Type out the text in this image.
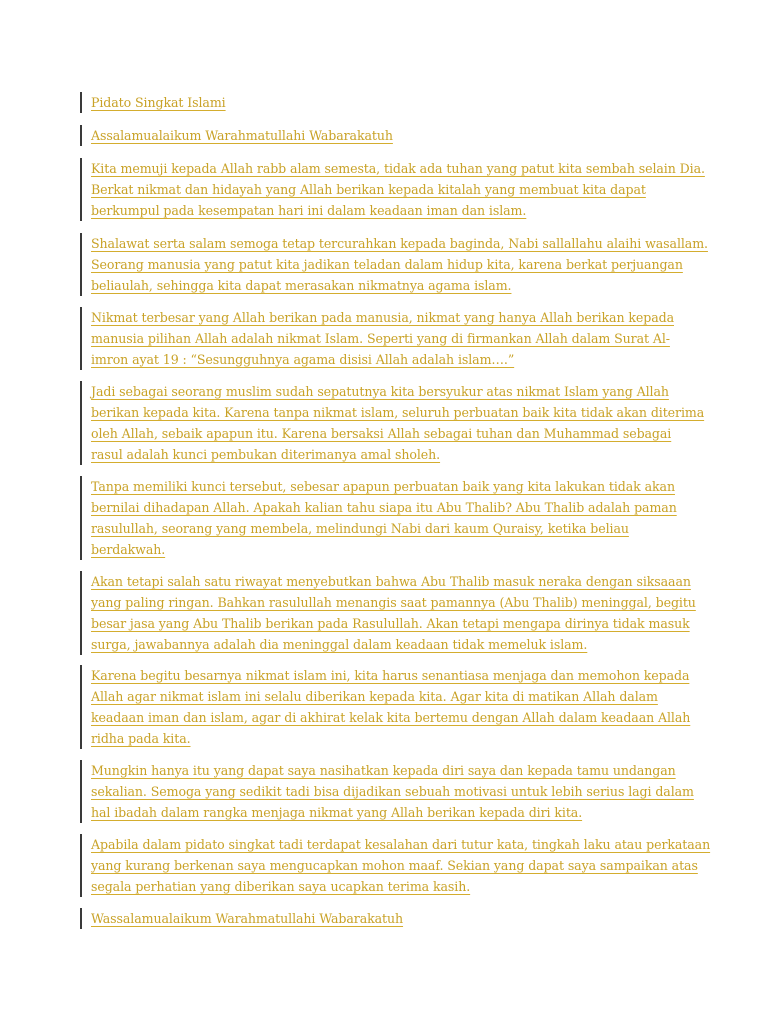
Pidato Singkat Islami
Assalamualaikum Warahmatullahi Wabarakatuh
Kita memuji kepada Allah rabb alam semesta, tidak ada tuhan yang patut kita sembah selain Dia.
Berkat nikmat dan hidayah yang Allah berikan kepada kitalah yang membuat kita dapat
berkumpul pada kesempatan hari ini dalam keadaan iman dan islam.
Shalawat serta salam semoga tetap tercurahkan kepada baginda, Nabi sallallahu alaihi wasallam.
Seorang manusia yang patut kita jadikan teladan dalam hidup kita, karena berkat perjuangan
beliaulah, sehingga kita dapat merasakan nikmatnya agama islam.
Nikmat terbesar yang Allah berikan pada manusia, nikmat yang hanya Allah berikan kepada
manusia pilihan Allah adalah nikmat Islam. Seperti yang di firmankan Allah dalam Surat Al-
imron ayat 19 : “Sesungguhnya agama disisi Allah adalah islam….”
Jadi sebagai seorang muslim sudah sepatutnya kita bersyukur atas nikmat Islam yang Allah
berikan kepada kita. Karena tanpa nikmat islam, seluruh perbuatan baik kita tidak akan diterima
oleh Allah, sebaik apapun itu. Karena bersaksi Allah sebagai tuhan dan Muhammad sebagai
rasul adalah kunci pembukan diterimanya amal sholeh.
Tanpa memiliki kunci tersebut, sebesar apapun perbuatan baik yang kita lakukan tidak akan
bernilai dihadapan Allah. Apakah kalian tahu siapa itu Abu Thalib? Abu Thalib adalah paman
rasulullah, seorang yang membela, melindungi Nabi dari kaum Quraisy, ketika beliau
berdakwah.
Akan tetapi salah satu riwayat menyebutkan bahwa Abu Thalib masuk neraka dengan siksaaan
yang paling ringan. Bahkan rasulullah menangis saat pamannya (Abu Thalib) meninggal, begitu
besar jasa yang Abu Thalib berikan pada Rasulullah. Akan tetapi mengapa dirinya tidak masuk
surga, jawabannya adalah dia meninggal dalam keadaan tidak memeluk islam.
Karena begitu besarnya nikmat islam ini, kita harus senantiasa menjaga dan memohon kepada
Allah agar nikmat islam ini selalu diberikan kepada kita. Agar kita di matikan Allah dalam
keadaan iman dan islam, agar di akhirat kelak kita bertemu dengan Allah dalam keadaan Allah
ridha pada kita.
Mungkin hanya itu yang dapat saya nasihatkan kepada diri saya dan kepada tamu undangan
sekalian. Semoga yang sedikit tadi bisa dijadikan sebuah motivasi untuk lebih serius lagi dalam
hal ibadah dalam rangka menjaga nikmat yang Allah berikan kepada diri kita.
Apabila dalam pidato singkat tadi terdapat kesalahan dari tutur kata, tingkah laku atau perkataan
yang kurang berkenan saya mengucapkan mohon maaf. Sekian yang dapat saya sampaikan atas
segala perhatian yang diberikan saya ucapkan terima kasih.
Wassalamualaikum Warahmatullahi Wabarakatuh
